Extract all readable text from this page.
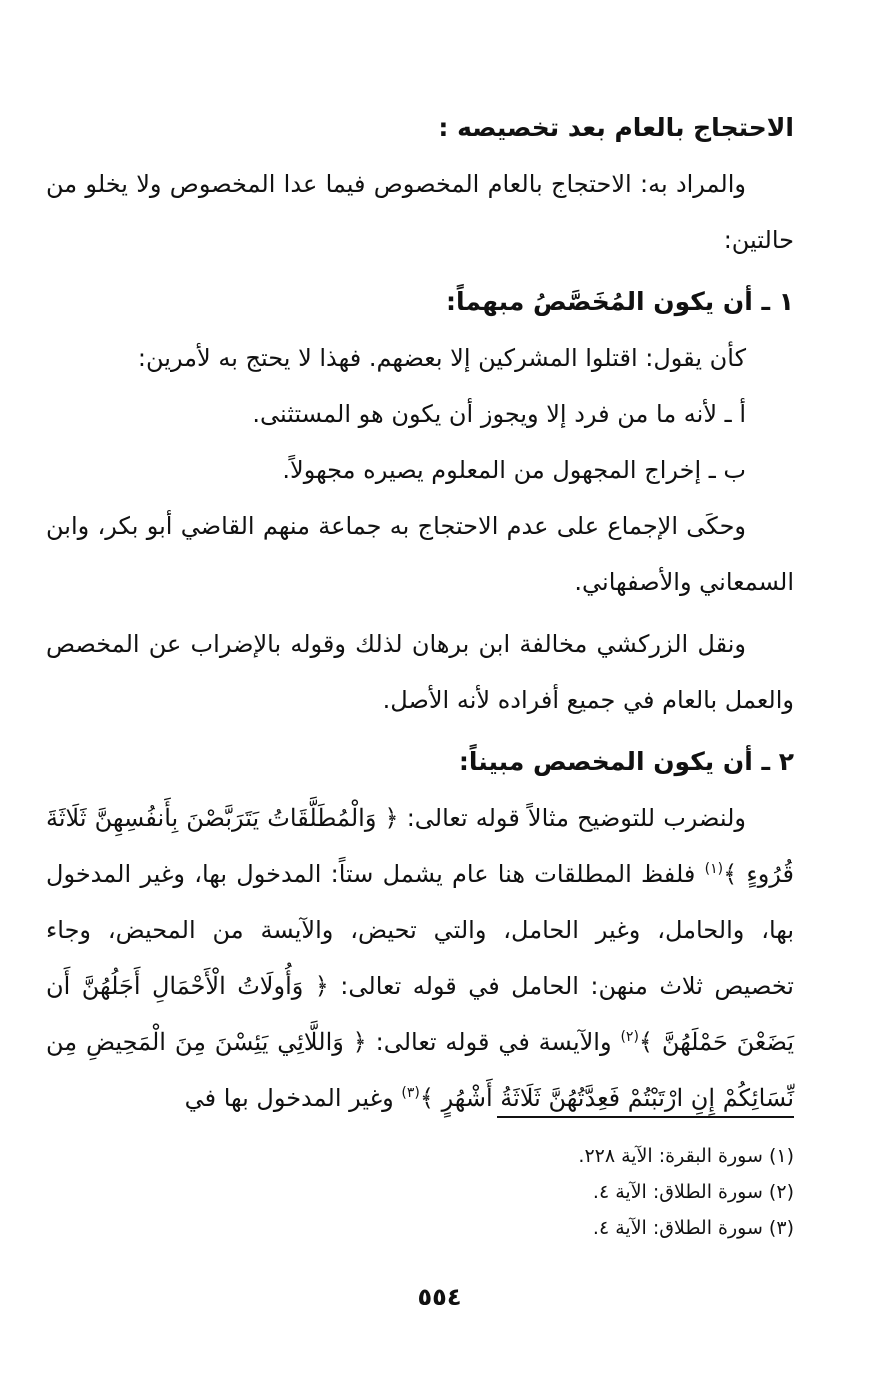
الاحتجاج بالعام بعد تخصيصه :

والمراد به: الاحتجاج بالعام المخصوص فيما عدا المخصوص ولا يخلو من حالتين:

١ ـ أن يكون المُخَصَّصُ مبهماً:

كأن يقول: اقتلوا المشركين إلا بعضهم. فهذا لا يحتج به لأمرين:

أ ـ لأنه ما من فرد إلا ويجوز أن يكون هو المستثنى.

ب ـ إخراج المجهول من المعلوم يصيره مجهولاً.

وحكَى الإجماع على عدم الاحتجاج به جماعة منهم القاضي أبو بكر، وابن السمعاني والأصفهاني.

ونقل الزركشي مخالفة ابن برهان لذلك وقوله بالإضراب عن المخصص والعمل بالعام في جميع أفراده لأنه الأصل.

٢ ـ أن يكون المخصص مبيناً:

ولنضرب للتوضيح مثالاً قوله تعالى: ﴿ وَالْمُطَلَّقَاتُ يَتَرَبَّصْنَ بِأَنفُسِهِنَّ ثَلَاثَةَ قُرُوءٍ ﴾$^{(١)}$ فلفظ المطلقات هنا عام يشمل ستاً: المدخول بها، وغير المدخول بها، والحامل، وغير الحامل، والتي تحيض، والآيسة من المحيض، وجاء تخصيص ثلاث منهن: الحامل في قوله تعالى: ﴿ وَأُولَاتُ الْأَحْمَالِ أَجَلُهُنَّ أَن يَضَعْنَ حَمْلَهُنَّ ﴾$^{(٢)}$ والآيسة في قوله تعالى: ﴿ وَاللَّائِي يَئِسْنَ مِنَ الْمَحِيضِ مِن نِّسَائِكُمْ إِنِ ارْتَبْتُمْ فَعِدَّتُهُنَّ ثَلَاثَةُ أَشْهُرٍ ﴾$^{(٣)}$ وغير المدخول بها في

(١) سورة البقرة: الآية ٢٢٨.

(٢) سورة الطلاق: الآية ٤.

(٣) سورة الطلاق: الآية ٤.

٥٥٤
